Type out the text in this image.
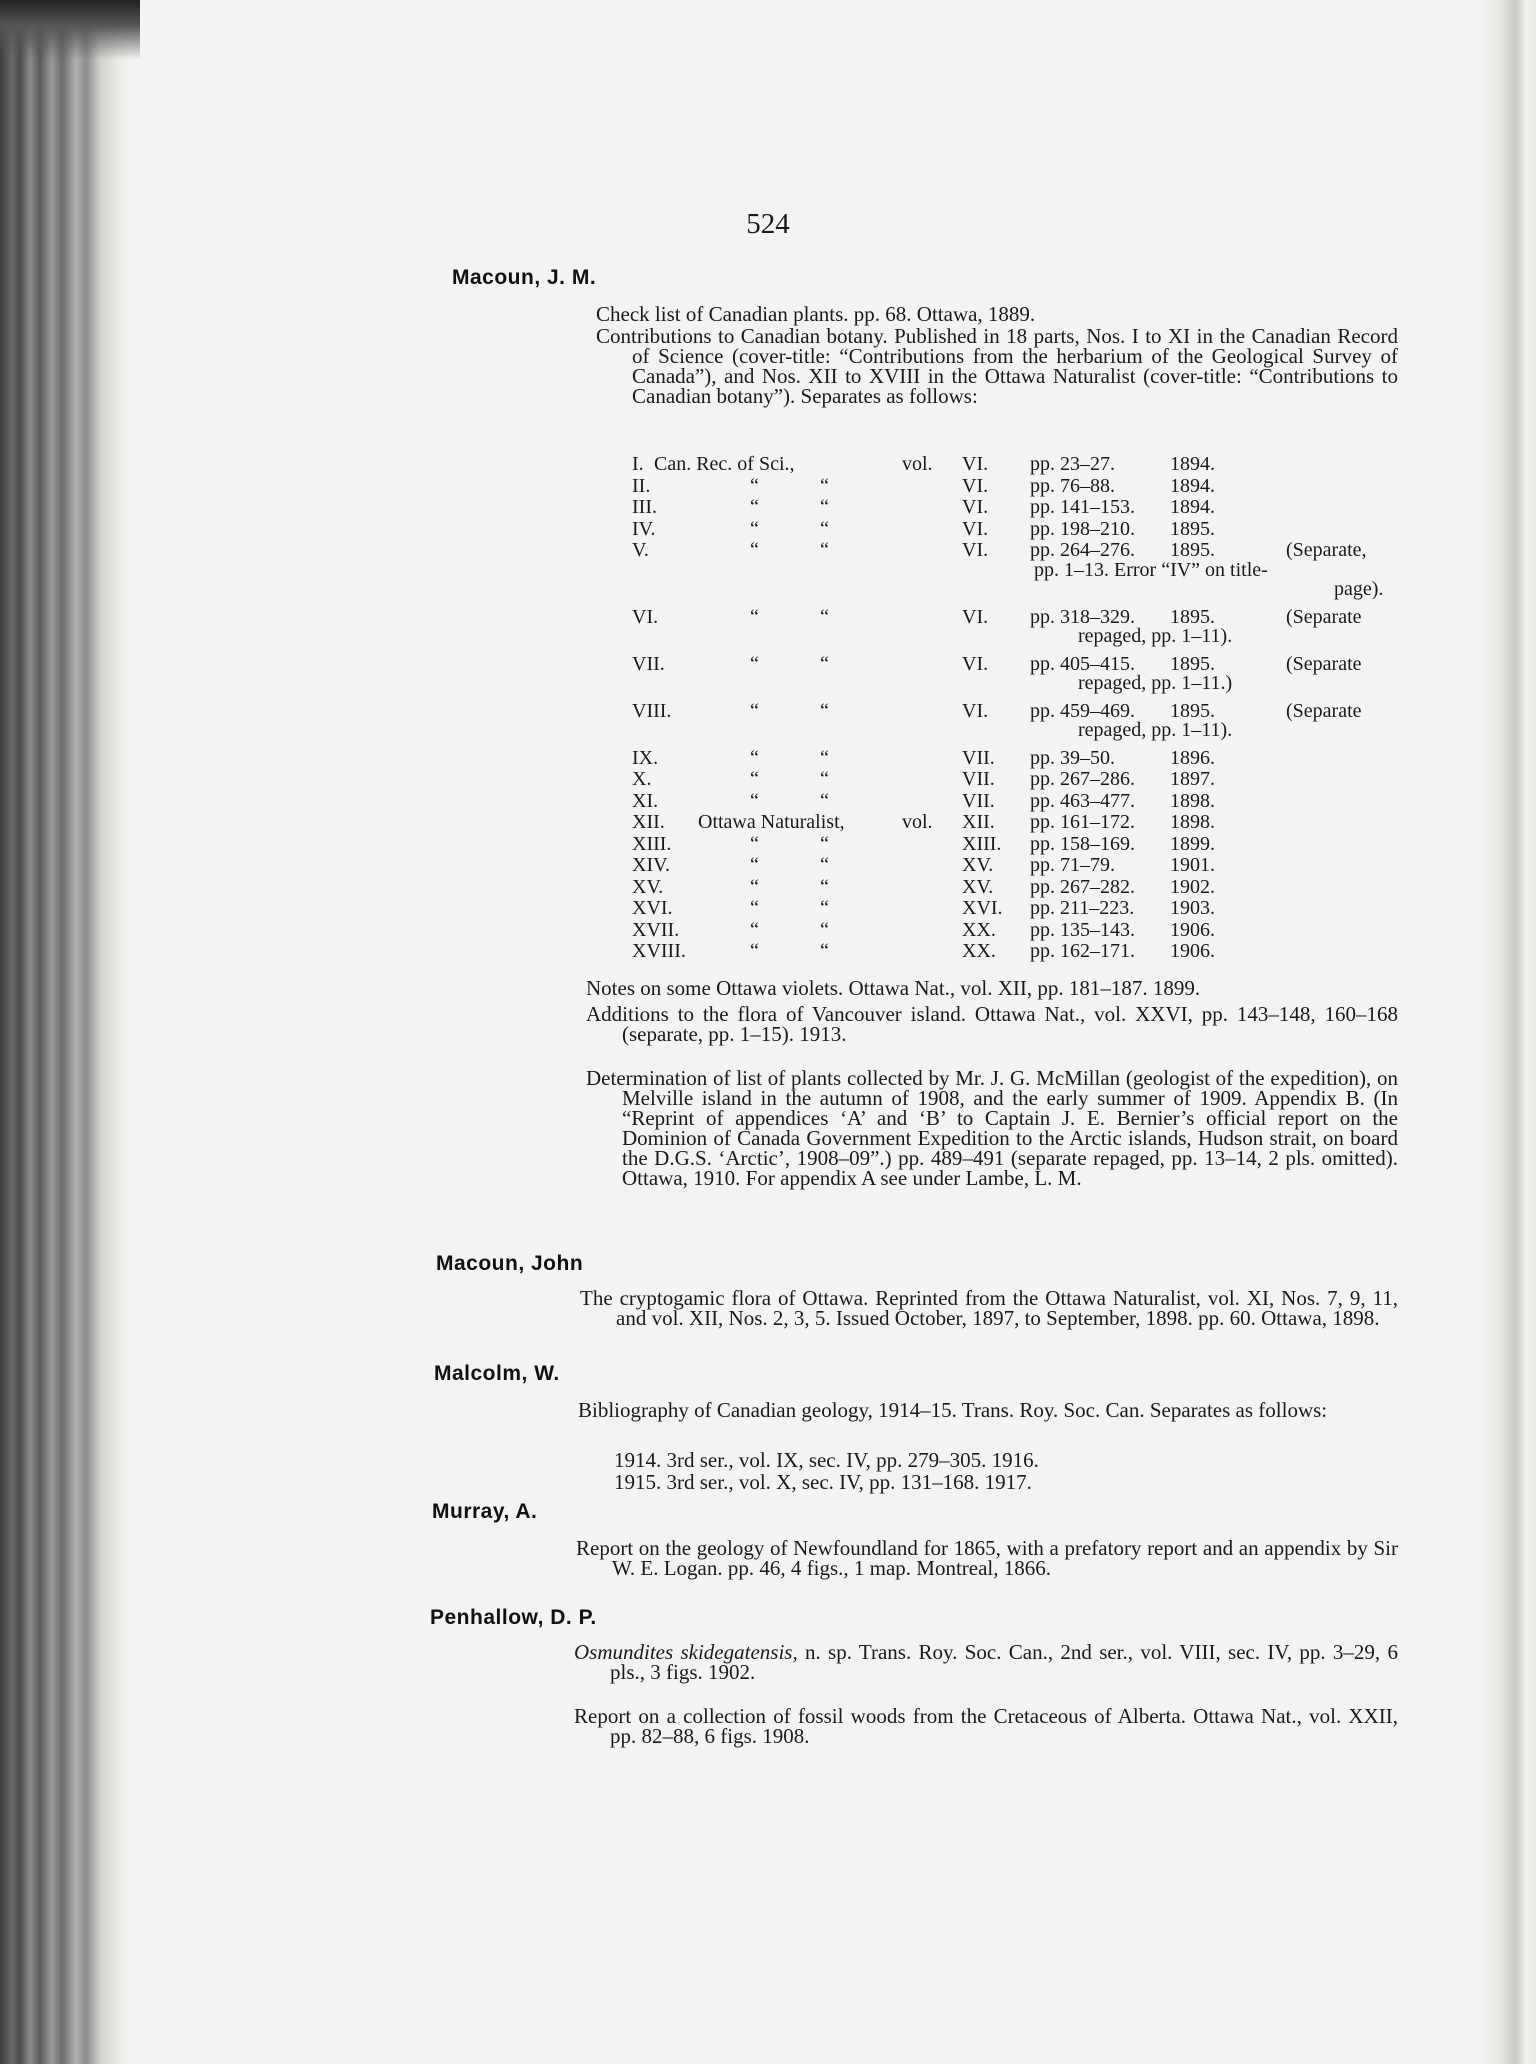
524
Macoun, J. M.
Check list of Canadian plants. pp. 68. Ottawa, 1889.
Contributions to Canadian botany. Published in 18 parts, Nos. I to XI in the Canadian Record of Science (cover-title: “Contributions from the herbarium of the Geological Survey of Canada”), and Nos. XII to XVIII in the Ottawa Naturalist (cover-title: “Contributions to Canadian botany”). Separates as follows:
I. Can. Rec. of Sci.,	vol. VI. pp. 23–27.	1894.
II.	“	“	VI. pp. 76–88.	1894.
III.	“	“	VI. pp. 141–153. 1894.
IV.	“	“	VI. pp. 198–210. 1895.
V.	“	“	VI. pp. 264–276. 1895.	(Separate,
pp. 1–13. Error “IV” on title-
page).
VI.	“	“	VI. pp. 318–329. 1895.	(Separate
repaged, pp. 1–11).
VII.	“	“	VI. pp. 405–415. 1895.	(Separate
repaged, pp. 1–11.)
VIII.	“	“	VI. pp. 459–469. 1895.	(Separate
repaged, pp. 1–11).
IX.	“	“	VII. pp. 39–50.	1896.
X.	“	“	VII. pp. 267–286. 1897.
XI.	“	“	VII. pp. 463–477. 1898.
XII. Ottawa Naturalist,	vol. XII. pp. 161–172. 1898.
XIII.	“	“	XIII. pp. 158–169. 1899.
XIV.	“	“	XV. pp. 71–79.	1901.
XV.	“	“	XV. pp. 267–282. 1902.
XVI.	“	“	XVI. pp. 211–223. 1903.
XVII.	“	“	XX. pp. 135–143. 1906.
XVIII.	“	“	XX. pp. 162–171. 1906.
Notes on some Ottawa violets. Ottawa Nat., vol. XII, pp. 181–187. 1899.
Additions to the flora of Vancouver island. Ottawa Nat., vol. XXVI, pp. 143–148, 160–168 (separate, pp. 1–15). 1913.
Determination of list of plants collected by Mr. J. G. McMillan (geologist of the expedition), on Melville island in the autumn of 1908, and the early summer of 1909. Appendix B. (In “Reprint of appendices ‘A’ and ‘B’ to Captain J. E. Bernier’s official report on the Dominion of Canada Government Expedition to the Arctic islands, Hudson strait, on board the D.G.S. ‘Arctic’, 1908–09”.) pp. 489–491 (separate repaged, pp. 13–14, 2 pls. omitted). Ottawa, 1910. For appendix A see under Lambe, L. M.
Macoun, John
The cryptogamic flora of Ottawa. Reprinted from the Ottawa Naturalist, vol. XI, Nos. 7, 9, 11, and vol. XII, Nos. 2, 3, 5. Issued October, 1897, to September, 1898. pp. 60. Ottawa, 1898.
Malcolm, W.
Bibliography of Canadian geology, 1914–15. Trans. Roy. Soc. Can. Separates as follows:
1914. 3rd ser., vol. IX, sec. IV, pp. 279–305. 1916.
1915. 3rd ser., vol. X, sec. IV, pp. 131–168. 1917.
Murray, A.
Report on the geology of Newfoundland for 1865, with a prefatory report and an appendix by Sir W. E. Logan. pp. 46, 4 figs., 1 map. Montreal, 1866.
Penhallow, D. P.
Osmundites skidegatensis, n. sp. Trans. Roy. Soc. Can., 2nd ser., vol. VIII, sec. IV, pp. 3–29, 6 pls., 3 figs. 1902.
Report on a collection of fossil woods from the Cretaceous of Alberta. Ottawa Nat., vol. XXII, pp. 82–88, 6 figs. 1908.
